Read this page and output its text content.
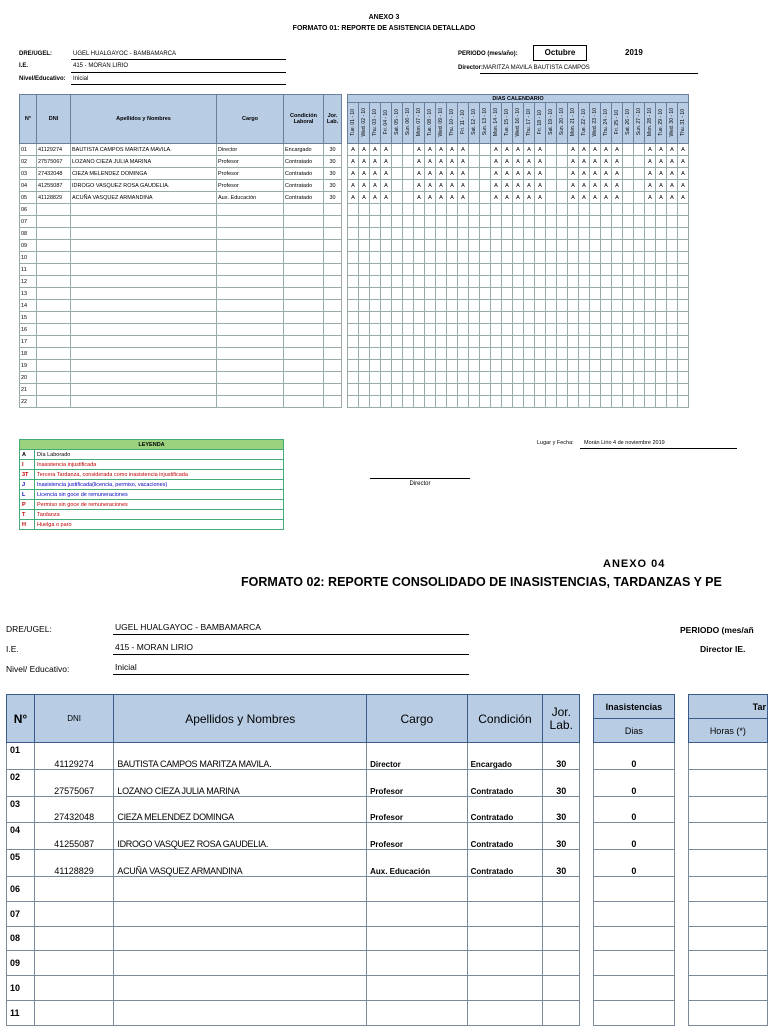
ANEXO 3
FORMATO 01: REPORTE DE ASISTENCIA DETALLADO
DRE/UGEL:	UGEL HUALGAYOC - BAMBAMARCA
I.E.	415 - MORAN LIRIO
Nivel/Educativo: Inicial
PERIODO (mes/año):	Octubre	2019
Director: MARITZA MAVILA BAUTISTA CAMPOS
N°	DNI	Apellidos y Nombres	Cargo	Condición Laboral	Jor. Lab.		DIAS CALENDARIO																														
							Tue. 01 - 10	Wed. 02 - 10	Thu. 03 - 10	Fri. 04 - 10	Sat. 05 - 10	Sun. 06 - 10	Mon. 07 - 10	Tue. 08 - 10	Wed. 09 - 10	Thu. 10 - 10	Fri. 11 - 10	Sat. 12 - 10	Sun. 13 - 10	Mon. 14 - 10	Tue. 15 - 10	Wed. 16 - 10	Thu. 17 - 10	Fri. 18 - 10	Sat. 19 - 10	Sun. 20 - 10	Mon. 21 - 10	Tue. 22 - 10	Wed. 23 - 10	Thu. 24 - 10	Fri. 25 - 10	Sat. 26 - 10	Sun. 27 - 10	Mon. 28 - 10	Tue. 29 - 10	Wed. 30 - 10	Thu. 31 - 10
01	41129274	BAUTISTA CAMPOS MARITZA MAVILA.	Director	Encargado	30		A	A	A	A			A	A	A	A	A			A	A	A	A	A			A	A	A	A	A			A	A	A	A
02	27575067	LOZANO CIEZA JULIA MARINA	Profesor	Contratado	30		A	A	A	A			A	A	A	A	A			A	A	A	A	A			A	A	A	A	A			A	A	A	A
03	27432048	CIEZA MELENDEZ DOMINGA	Profesor	Contratado	30		A	A	A	A			A	A	A	A	A			A	A	A	A	A			A	A	A	A	A			A	A	A	A
04	41255087	IDROGO VASQUEZ ROSA GAUDELIA.	Profesor	Contratado	30		A	A	A	A			A	A	A	A	A			A	A	A	A	A			A	A	A	A	A			A	A	A	A
05	41128829	ACUÑA VASQUEZ ARMANDINA	Aux. Educación	Contratado	30		A	A	A	A			A	A	A	A	A			A	A	A	A	A			A	A	A	A	A			A	A	A	A
06																																					
07																																					
08																																					
09																																					
10																																					
11																																					
12																																					
13																																					
14																																					
15																																					
16																																					
17																																					
18																																					
19																																					
20																																					
21																																					
22																																					
LEYENDA	
A	Día Laborado
I	Inasistencia injustificada
3T	Tercera Tardanza, considerada como inasistencia injustificada
J	Inasistencia justificada(licencia, permiso, vacaciones)
L	Licencia sin goce de remuneraciones
P	Permiso sin goce de remuneraciones
T	Tardanza
H	Huelga o paro
Lugar y Fecha: Morán Lirio 4 de noviembre 2019
Director
ANEXO 04
FORMATO 02: REPORTE CONSOLIDADO DE INASISTENCIAS, TARDANZAS Y PE
DRE/UGEL:	UGEL HUALGAYOC - BAMBAMARCA
I.E.	415 - MORAN LIRIO
Nivel/ Educativo:	Inicial
PERIODO (mes/añ
Director IE.
N°	DNI	Apellidos y Nombres	Cargo	Condición	Jor. Lab.		Inasistencias		Tar
							Dias		Horas (*)
01	41129274	BAUTISTA CAMPOS MARITZA MAVILA.	Director	Encargado	30		0		
02	27575067	LOZANO CIEZA JULIA MARINA	Profesor	Contratado	30		0		
03	27432048	CIEZA MELENDEZ DOMINGA	Profesor	Contratado	30		0		
04	41255087	IDROGO VASQUEZ ROSA GAUDELIA.	Profesor	Contratado	30		0		
05	41128829	ACUÑA VASQUEZ ARMANDINA	Aux. Educación	Contratado	30		0		
06									
07									
08									
09									
10									
11									
